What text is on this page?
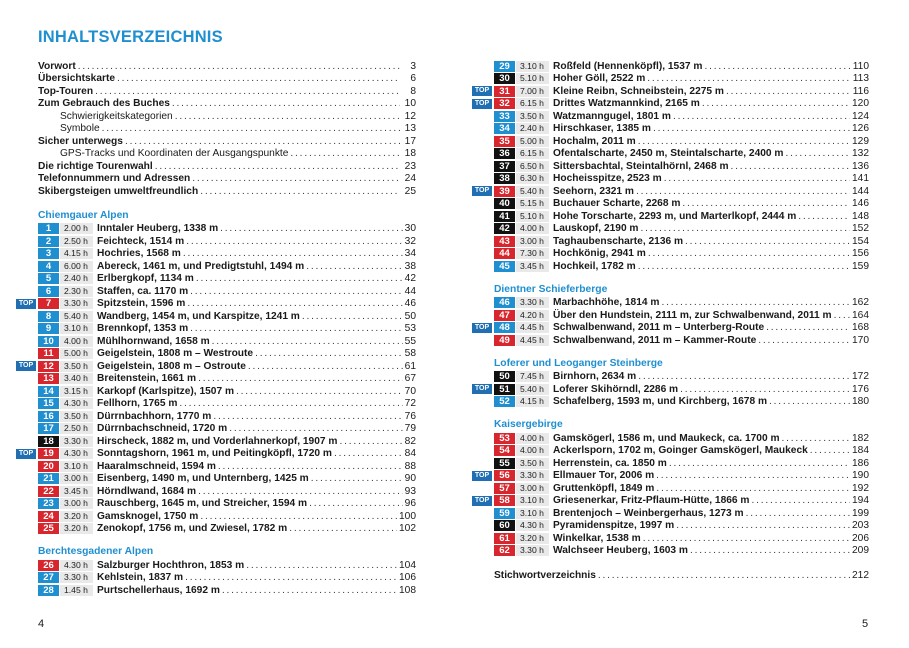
INHALTSVERZEICHNIS
Vorwort .....	3
Übersichtskarte .....	6
Top-Touren .....	8
Zum Gebrauch des Buches .....	10
Schwierigkeitskategorien .....	12
Symbole .....	13
Sicher unterwegs .....	17
GPS-Tracks und Koordinaten der Ausgangspunkte .....	18
Die richtige Tourenwahl .....	23
Telefonnummern und Adressen .....	24
Skibergsteigen umweltfreundlich .....	25
Chiemgauer Alpen
1	2.00 h Inntaler Heuberg, 1338 m .....	30
2	2.50 h Feichteck, 1514 m .....	32
3	4.15 h Hochries, 1568 m .....	34
4	6.00 h Abereck, 1461 m, und Predigtstuhl, 1494 m .....	38
5	2.40 h Erlbergkopf, 1134 m .....	42
6	2.30 h Staffen, ca. 1170 m .....	44
TOP	7	3.30 h Spitzstein, 1596 m .....	46
8	5.40 h Wandberg, 1454 m, und Karspitze, 1241 m .....	50
9	3.10 h Brennkopf, 1353 m .....	53
10	4.00 h Mühlhornwand, 1658 m .....	55
11	5.00 h Geigelstein, 1808 m – Westroute .....	58
TOP	12	3.50 h Geigelstein, 1808 m – Ostroute .....	61
13	3.40 h Breitenstein, 1661 m .....	67
14	3.15 h Karkopf (Karlspitze), 1507 m .....	70
15	4.30 h Fellhorn, 1765 m .....	72
16	3.50 h Dürrnbachhorn, 1770 m .....	76
17	2.50 h Dürrnbachschneid, 1720 m .....	79
18	3.30 h Hirscheck, 1882 m, und Vorderlahnerkopf, 1907 m .....	82
TOP	19	4.30 h Sonntagshorn, 1961 m, und Peitingköpfl, 1720 m .....	84
20	3.10 h Haaralmschneid, 1594 m .....	88
21	3.00 h Eisenberg, 1490 m, und Unternberg, 1425 m .....	90
22	3.45 h Hörndlwand, 1684 m .....	93
23	3.00 h Rauschberg, 1645 m, und Streicher, 1594 m .....	96
24	3.20 h Gamsknogel, 1750 m .....	100
25	3.20 h Zenokopf, 1756 m, und Zwiesel, 1782 m .....	102
Berchtesgadener Alpen
26	4.30 h Salzburger Hochthron, 1853 m .....	104
27	3.30 h Kehlstein, 1837 m .....	106
28	1.45 h Purtschellerhaus, 1692 m .....	108
29	3.10 h Roßfeld (Hennenköpfl), 1537 m .....	110
30	5.10 h Hoher Göll, 2522 m .....	113
TOP	31	7.00 h Kleine Reibn, Schneibstein, 2275 m .....	116
TOP	32	6.15 h Drittes Watzmannkind, 2165 m .....	120
33	3.50 h Watzmanngugel, 1801 m .....	124
34	2.40 h Hirschkaser, 1385 m .....	126
35	5.00 h Hochalm, 2011 m .....	129
36	6.15 h Ofentalscharte, 2450 m, Steintalscharte, 2400 m .....	132
37	6.50 h Sittersbachtal, Steintalhörnl, 2468 m .....	136
38	6.30 h Hocheisspitze, 2523 m .....	141
TOP	39	5.40 h Seehorn, 2321 m .....	144
40	5.15 h Buchauer Scharte, 2268 m .....	146
41	5.10 h Hohe Torscharte, 2293 m, und Marterlkopf, 2444 m .....	148
42	4.00 h Lauskopf, 2190 m .....	152
43	3.00 h Taghaubenscharte, 2136 m .....	154
44	7.30 h Hochkönig, 2941 m .....	156
45	3.45 h Hochkeil, 1782 m .....	159
Dientner Schieferberge
46	3.30 h Marbachhöhe, 1814 m .....	162
47	4.20 h Über den Hundstein, 2111 m, zur Schwalbenwand, 2011 m ..... 164
TOP	48	4.45 h Schwalbenwand, 2011 m – Unterberg-Route .....	168
49	4.45 h Schwalbenwand, 2011 m – Kammer-Route .....	170
Loferer und Leoganger Steinberge
50	7.45 h Birnhorn, 2634 m .....	172
TOP	51	5.40 h Loferer Skihörndl, 2286 m .....	176
52	4.15 h Schafelberg, 1593 m, und Kirchberg, 1678 m .....	180
Kaisergebirge
53	4.00 h Gamskögerl, 1586 m, und Maukeck, ca. 1700 m .....	182
54	4.00 h Ackerlsporn, 1702 m, Goinger Gamskögerl, Maukeck .....	184
55	3.50 h Herrenstein, ca. 1850 m .....	186
TOP	56	3.30 h Ellmauer Tor, 2006 m .....	190
57	3.00 h Gruttenköpfl, 1849 m .....	192
TOP	58	3.10 h Griesenerkar, Fritz-Pflaum-Hütte, 1866 m .....	194
59	3.10 h Brentenjoch – Weinbergerhaus, 1273 m .....	199
60	4.30 h Pyramidenspitze, 1997 m .....	203
61	3.20 h Winkelkar, 1538 m .....	206
62	3.30 h Walchseer Heuberg, 1603 m .....	209
Stichwortverzeichnis .....	212
4	5
